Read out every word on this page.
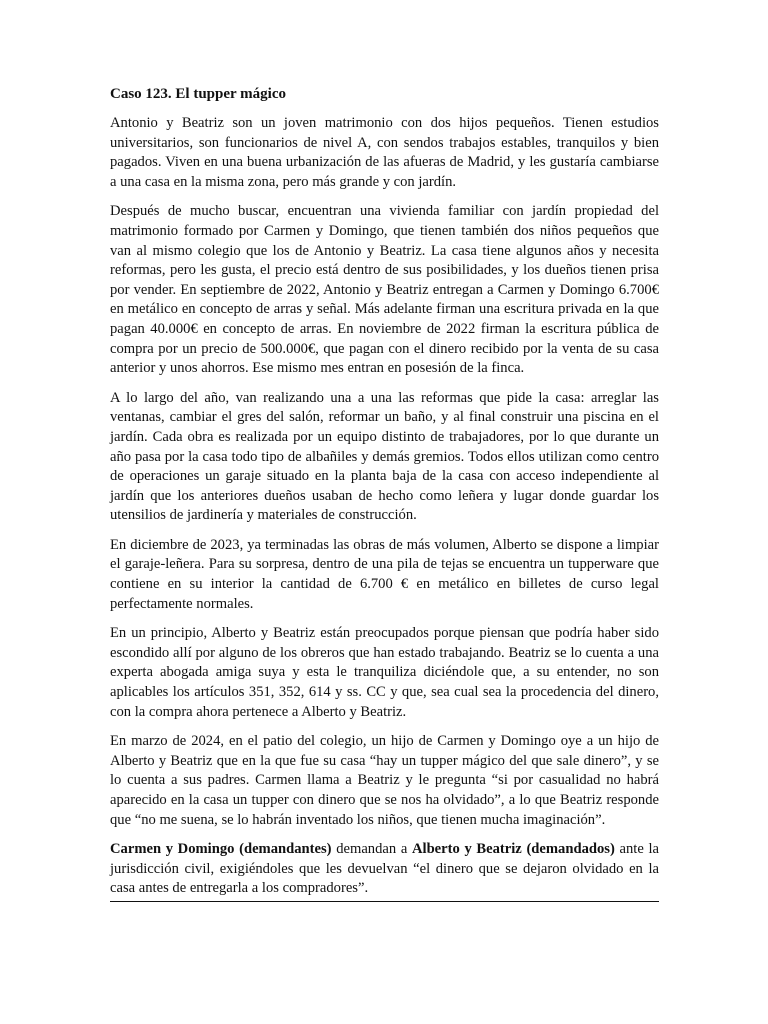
Caso 123. El tupper mágico

Antonio y Beatriz son un joven matrimonio con dos hijos pequeños. Tienen estudios universitarios, son funcionarios de nivel A, con sendos trabajos estables, tranquilos y bien pagados. Viven en una buena urbanización de las afueras de Madrid, y les gustaría cambiarse a una casa en la misma zona, pero más grande y con jardín.

Después de mucho buscar, encuentran una vivienda familiar con jardín propiedad del matrimonio formado por Carmen y Domingo, que tienen también dos niños pequeños que van al mismo colegio que los de Antonio y Beatriz. La casa tiene algunos años y necesita reformas, pero les gusta, el precio está dentro de sus posibilidades, y los dueños tienen prisa por vender. En septiembre de 2022, Antonio y Beatriz entregan a Carmen y Domingo 6.700€ en metálico en concepto de arras y señal. Más adelante firman una escritura privada en la que pagan 40.000€ en concepto de arras. En noviembre de 2022 firman la escritura pública de compra por un precio de 500.000€, que pagan con el dinero recibido por la venta de su casa anterior y unos ahorros. Ese mismo mes entran en posesión de la finca.

A lo largo del año, van realizando una a una las reformas que pide la casa: arreglar las ventanas, cambiar el gres del salón, reformar un baño, y al final construir una piscina en el jardín. Cada obra es realizada por un equipo distinto de trabajadores, por lo que durante un año pasa por la casa todo tipo de albañiles y demás gremios. Todos ellos utilizan como centro de operaciones un garaje situado en la planta baja de la casa con acceso independiente al jardín que los anteriores dueños usaban de hecho como leñera y lugar donde guardar los utensilios de jardinería y materiales de construcción.

En diciembre de 2023, ya terminadas las obras de más volumen, Alberto se dispone a limpiar el garaje-leñera. Para su sorpresa, dentro de una pila de tejas se encuentra un tupperware que contiene en su interior la cantidad de 6.700 € en metálico en billetes de curso legal perfectamente normales.

En un principio, Alberto y Beatriz están preocupados porque piensan que podría haber sido escondido allí por alguno de los obreros que han estado trabajando. Beatriz se lo cuenta a una experta abogada amiga suya y esta le tranquiliza diciéndole que, a su entender, no son aplicables los artículos 351, 352, 614 y ss. CC y que, sea cual sea la procedencia del dinero, con la compra ahora pertenece a Alberto y Beatriz.

En marzo de 2024, en el patio del colegio, un hijo de Carmen y Domingo oye a un hijo de Alberto y Beatriz que en la que fue su casa “hay un tupper mágico del que sale dinero”, y se lo cuenta a sus padres. Carmen llama a Beatriz y le pregunta “si por casualidad no habrá aparecido en la casa un tupper con dinero que se nos ha olvidado”, a lo que Beatriz responde que “no me suena, se lo habrán inventado los niños, que tienen mucha imaginación”.

Carmen y Domingo (demandantes) demandan a Alberto y Beatriz (demandados) ante la jurisdicción civil, exigiéndoles que les devuelvan “el dinero que se dejaron olvidado en la casa antes de entregarla a los compradores”.
